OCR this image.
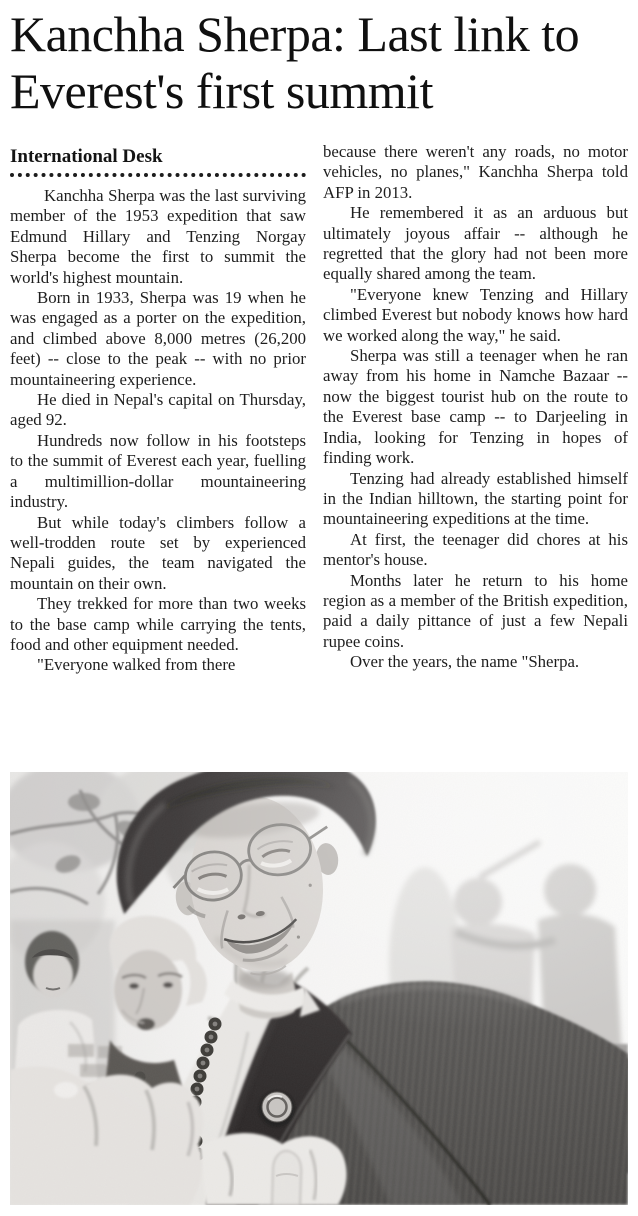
Kanchha Sherpa: Last link to Everest's first summit
International Desk

Kanchha Sherpa was the last surviving member of the 1953 expedition that saw Edmund Hillary and Tenzing Norgay Sherpa become the first to summit the world's highest mountain.

Born in 1933, Sherpa was 19 when he was engaged as a porter on the expedition, and climbed above 8,000 metres (26,200 feet) -- close to the peak -- with no prior mountaineering experience.

He died in Nepal's capital on Thursday, aged 92.

Hundreds now follow in his footsteps to the summit of Everest each year, fuelling a multimillion-dollar mountaineering industry.

But while today's climbers follow a well-trodden route set by experienced Nepali guides, the team navigated the mountain on their own.

They trekked for more than two weeks to the base camp while carrying the tents, food and other equipment needed.

"Everyone walked from there

because there weren't any roads, no motor vehicles, no planes," Kanchha Sherpa told AFP in 2013.

He remembered it as an arduous but ultimately joyous affair -- although he regretted that the glory had not been more equally shared among the team.

"Everyone knew Tenzing and Hillary climbed Everest but nobody knows how hard we worked along the way," he said.

Sherpa was still a teenager when he ran away from his home in Namche Bazaar -- now the biggest tourist hub on the route to the Everest base camp -- to Darjeeling in India, looking for Tenzing in hopes of finding work.

Tenzing had already established himself in the Indian hilltown, the starting point for mountaineering expeditions at the time.

At first, the teenager did chores at his mentor's house.

Months later he return to his home region as a member of the British expedition, paid a daily pittance of just a few Nepali rupee coins.

Over the years, the name "Sherpa.
